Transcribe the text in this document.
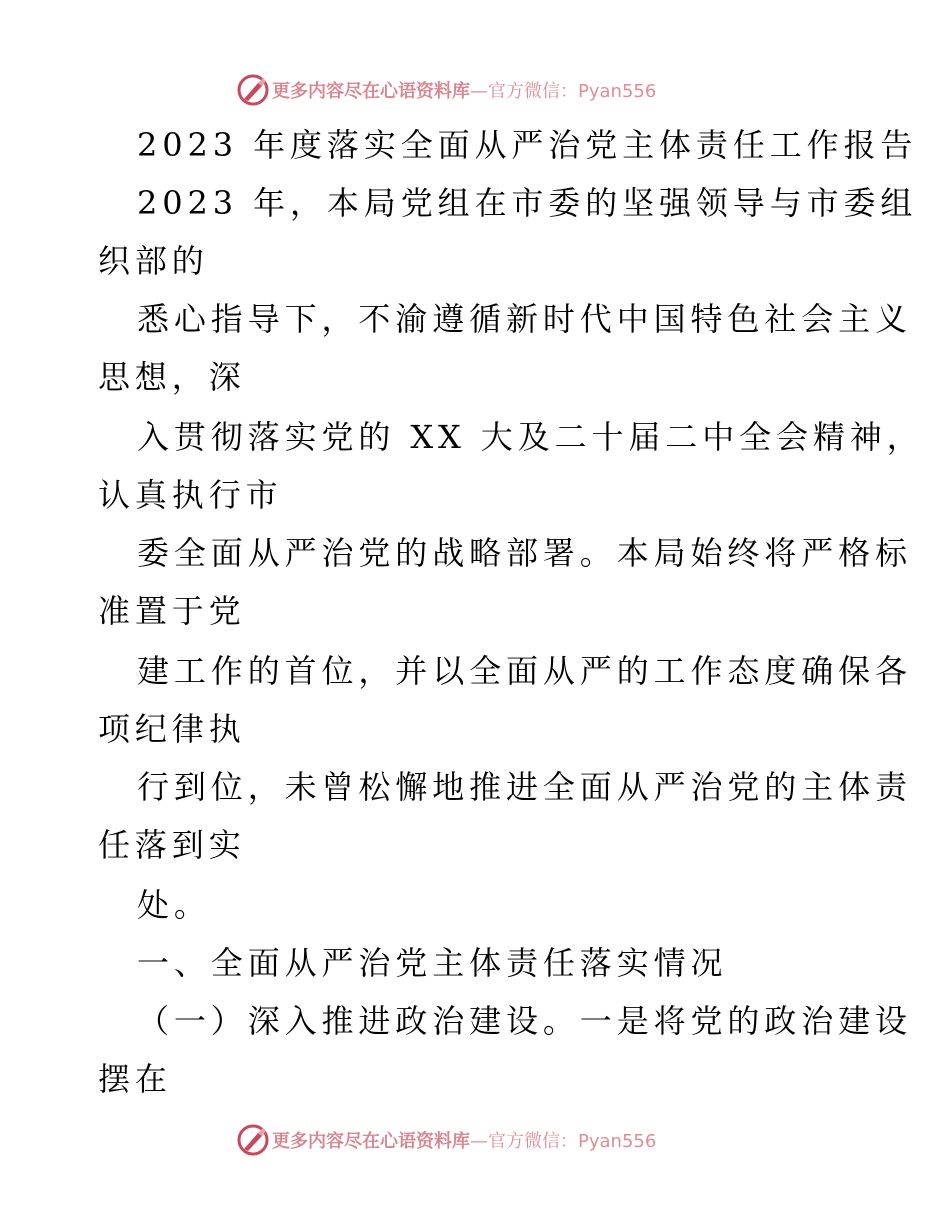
更多内容尽在心语资料库 —官方微信：Pyan556
2023 年度落实全面从严治党主体责任工作报告
2023 年，本局党组在市委的坚强领导与市委组
织部的
悉心指导下，不渝遵循新时代中国特色社会主义
思想，深
入贯彻落实党的 XX 大及二十届二中全会精神，
认真执行市
委全面从严治党的战略部署。本局始终将严格标
准置于党
建工作的首位，并以全面从严的工作态度确保各
项纪律执
行到位，未曾松懈地推进全面从严治党的主体责
任落到实
处。
一、全面从严治党主体责任落实情况
（一）深入推进政治建设。一是将党的政治建设
摆在
更多内容尽在心语资料库 —官方微信：Pyan556
